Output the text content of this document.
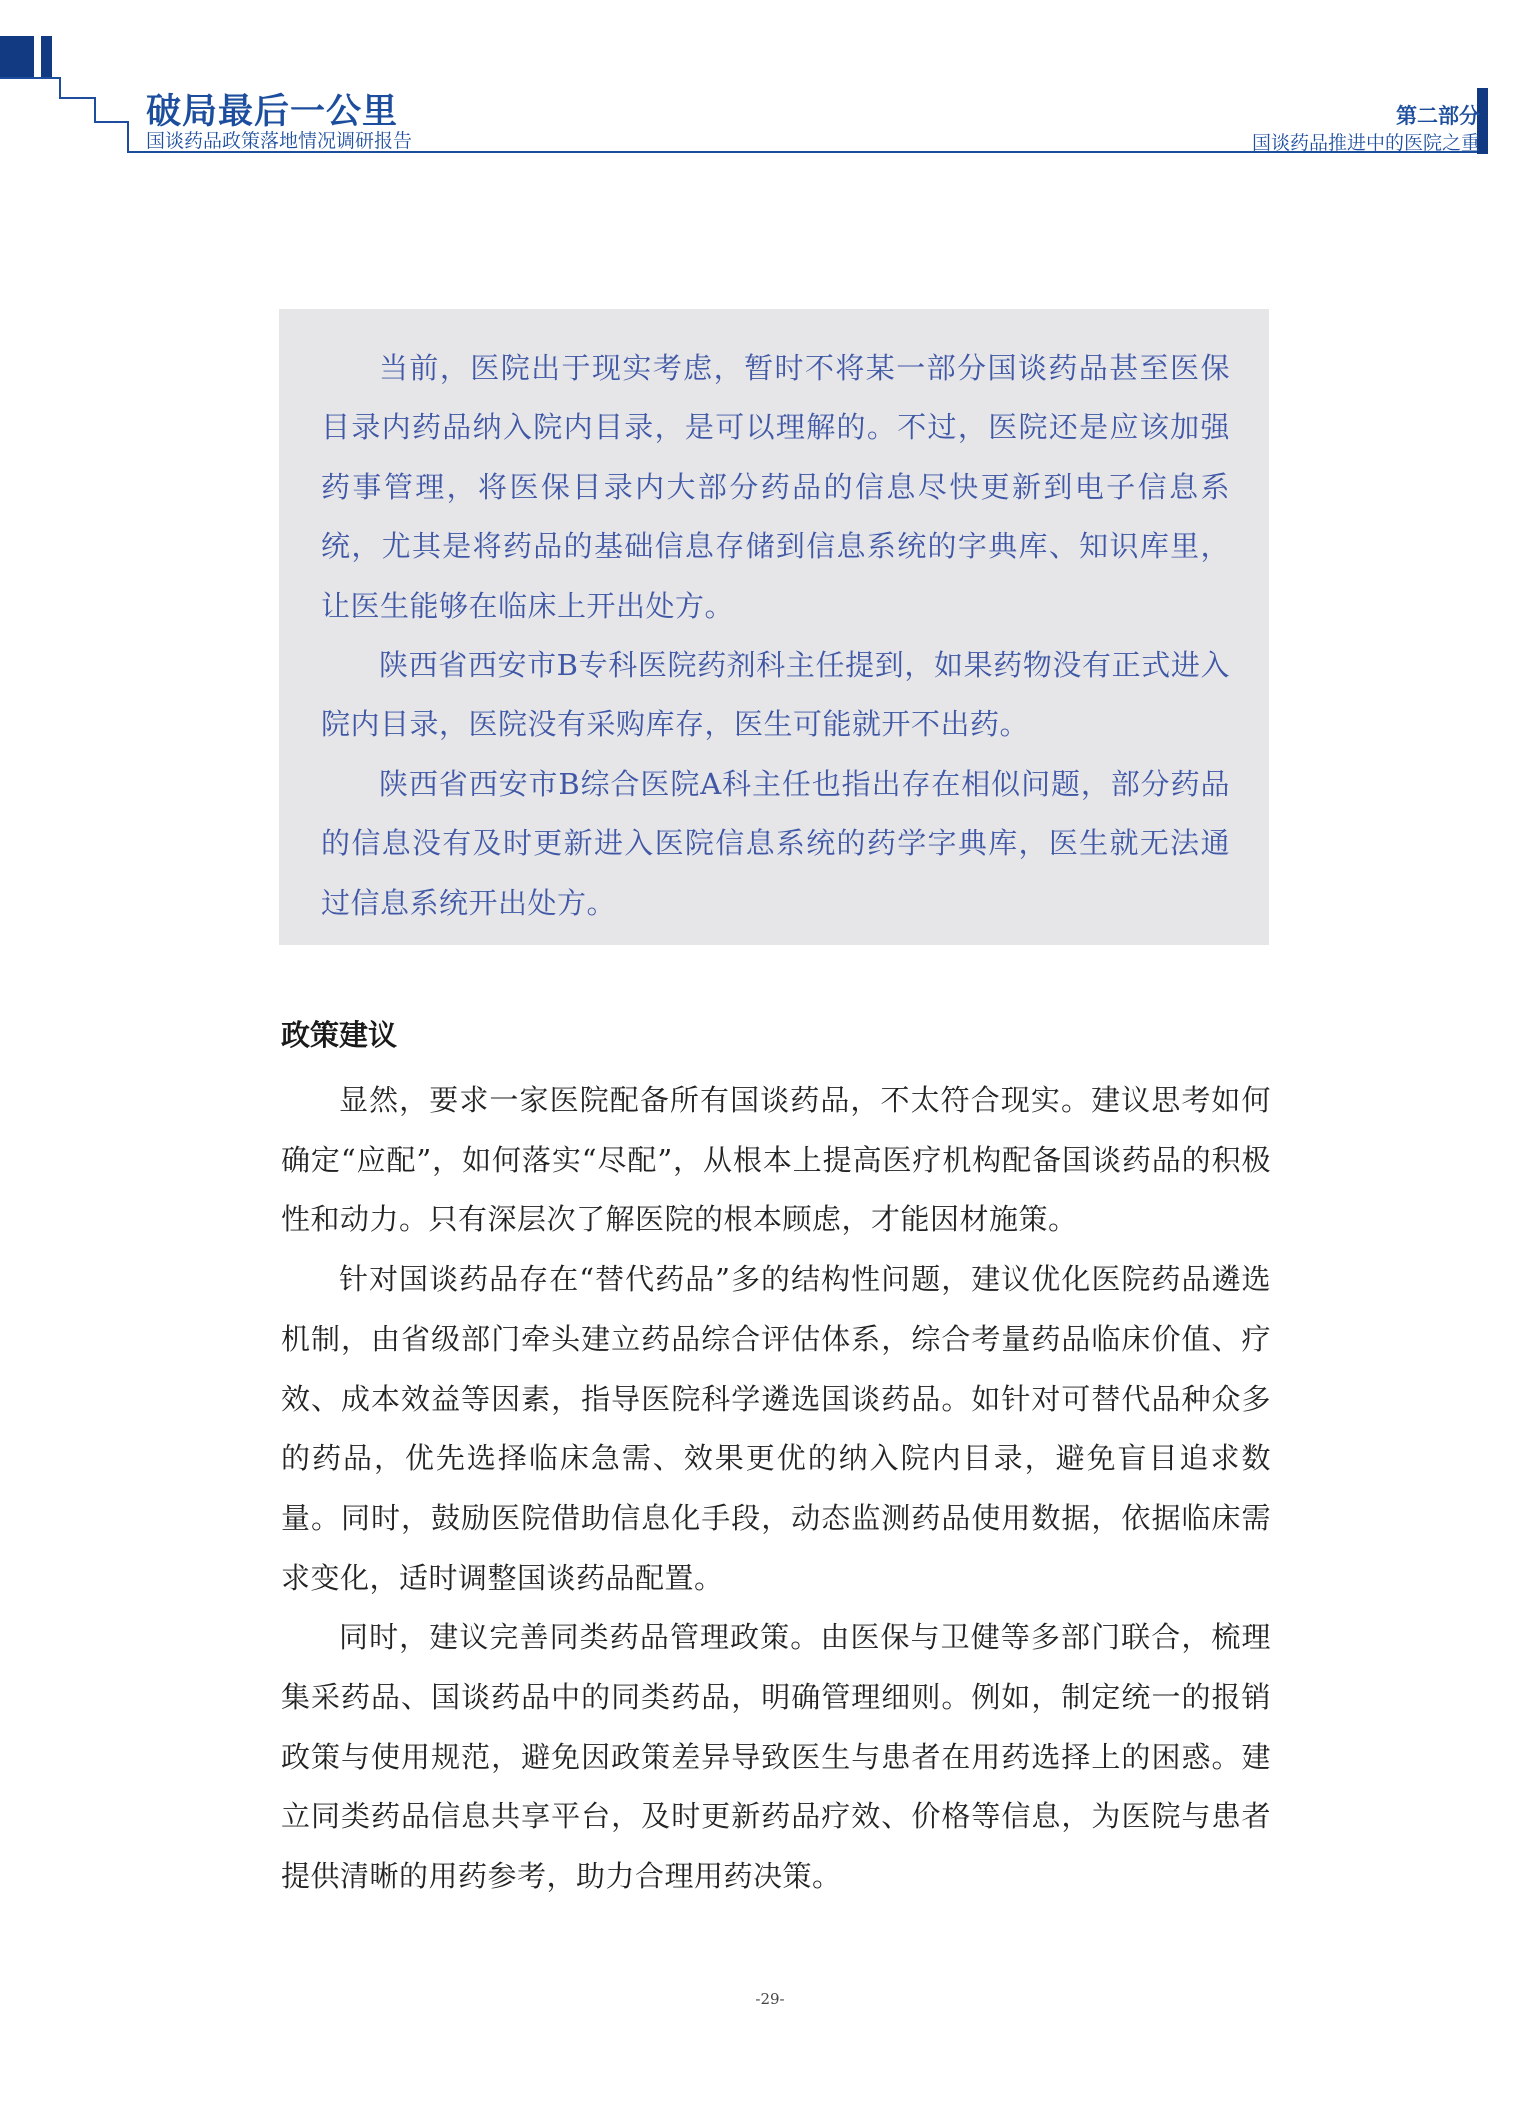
破局最后一公里
国谈药品政策落地情况调研报告
第二部分
国谈药品推进中的医院之重

当前，医院出于现实考虑，暂时不将某一部分国谈药品甚至医保目录内药品纳入院内目录，是可以理解的。不过，医院还是应该加强药事管理，将医保目录内大部分药品的信息尽快更新到电子信息系统，尤其是将药品的基础信息存储到信息系统的字典库、知识库里，让医生能够在临床上开出处方。

陕西省西安市B专科医院药剂科主任提到，如果药物没有正式进入院内目录，医院没有采购库存，医生可能就开不出药。

陕西省西安市B综合医院A科主任也指出存在相似问题，部分药品的信息没有及时更新进入医院信息系统的药学字典库，医生就无法通过信息系统开出处方。

政策建议

显然，要求一家医院配备所有国谈药品，不太符合现实。建议思考如何确定“应配”，如何落实“尽配”，从根本上提高医疗机构配备国谈药品的积极性和动力。只有深层次了解医院的根本顾虑，才能因材施策。

针对国谈药品存在“替代药品”多的结构性问题，建议优化医院药品遴选机制，由省级部门牵头建立药品综合评估体系，综合考量药品临床价值、疗效、成本效益等因素，指导医院科学遴选国谈药品。如针对可替代品种众多的药品，优先选择临床急需、效果更优的纳入院内目录，避免盲目追求数量。同时，鼓励医院借助信息化手段，动态监测药品使用数据，依据临床需求变化，适时调整国谈药品配置。

同时，建议完善同类药品管理政策。由医保与卫健等多部门联合，梳理集采药品、国谈药品中的同类药品，明确管理细则。例如，制定统一的报销政策与使用规范，避免因政策差异导致医生与患者在用药选择上的困惑。建立同类药品信息共享平台，及时更新药品疗效、价格等信息，为医院与患者提供清晰的用药参考，助力合理用药决策。

-29-
